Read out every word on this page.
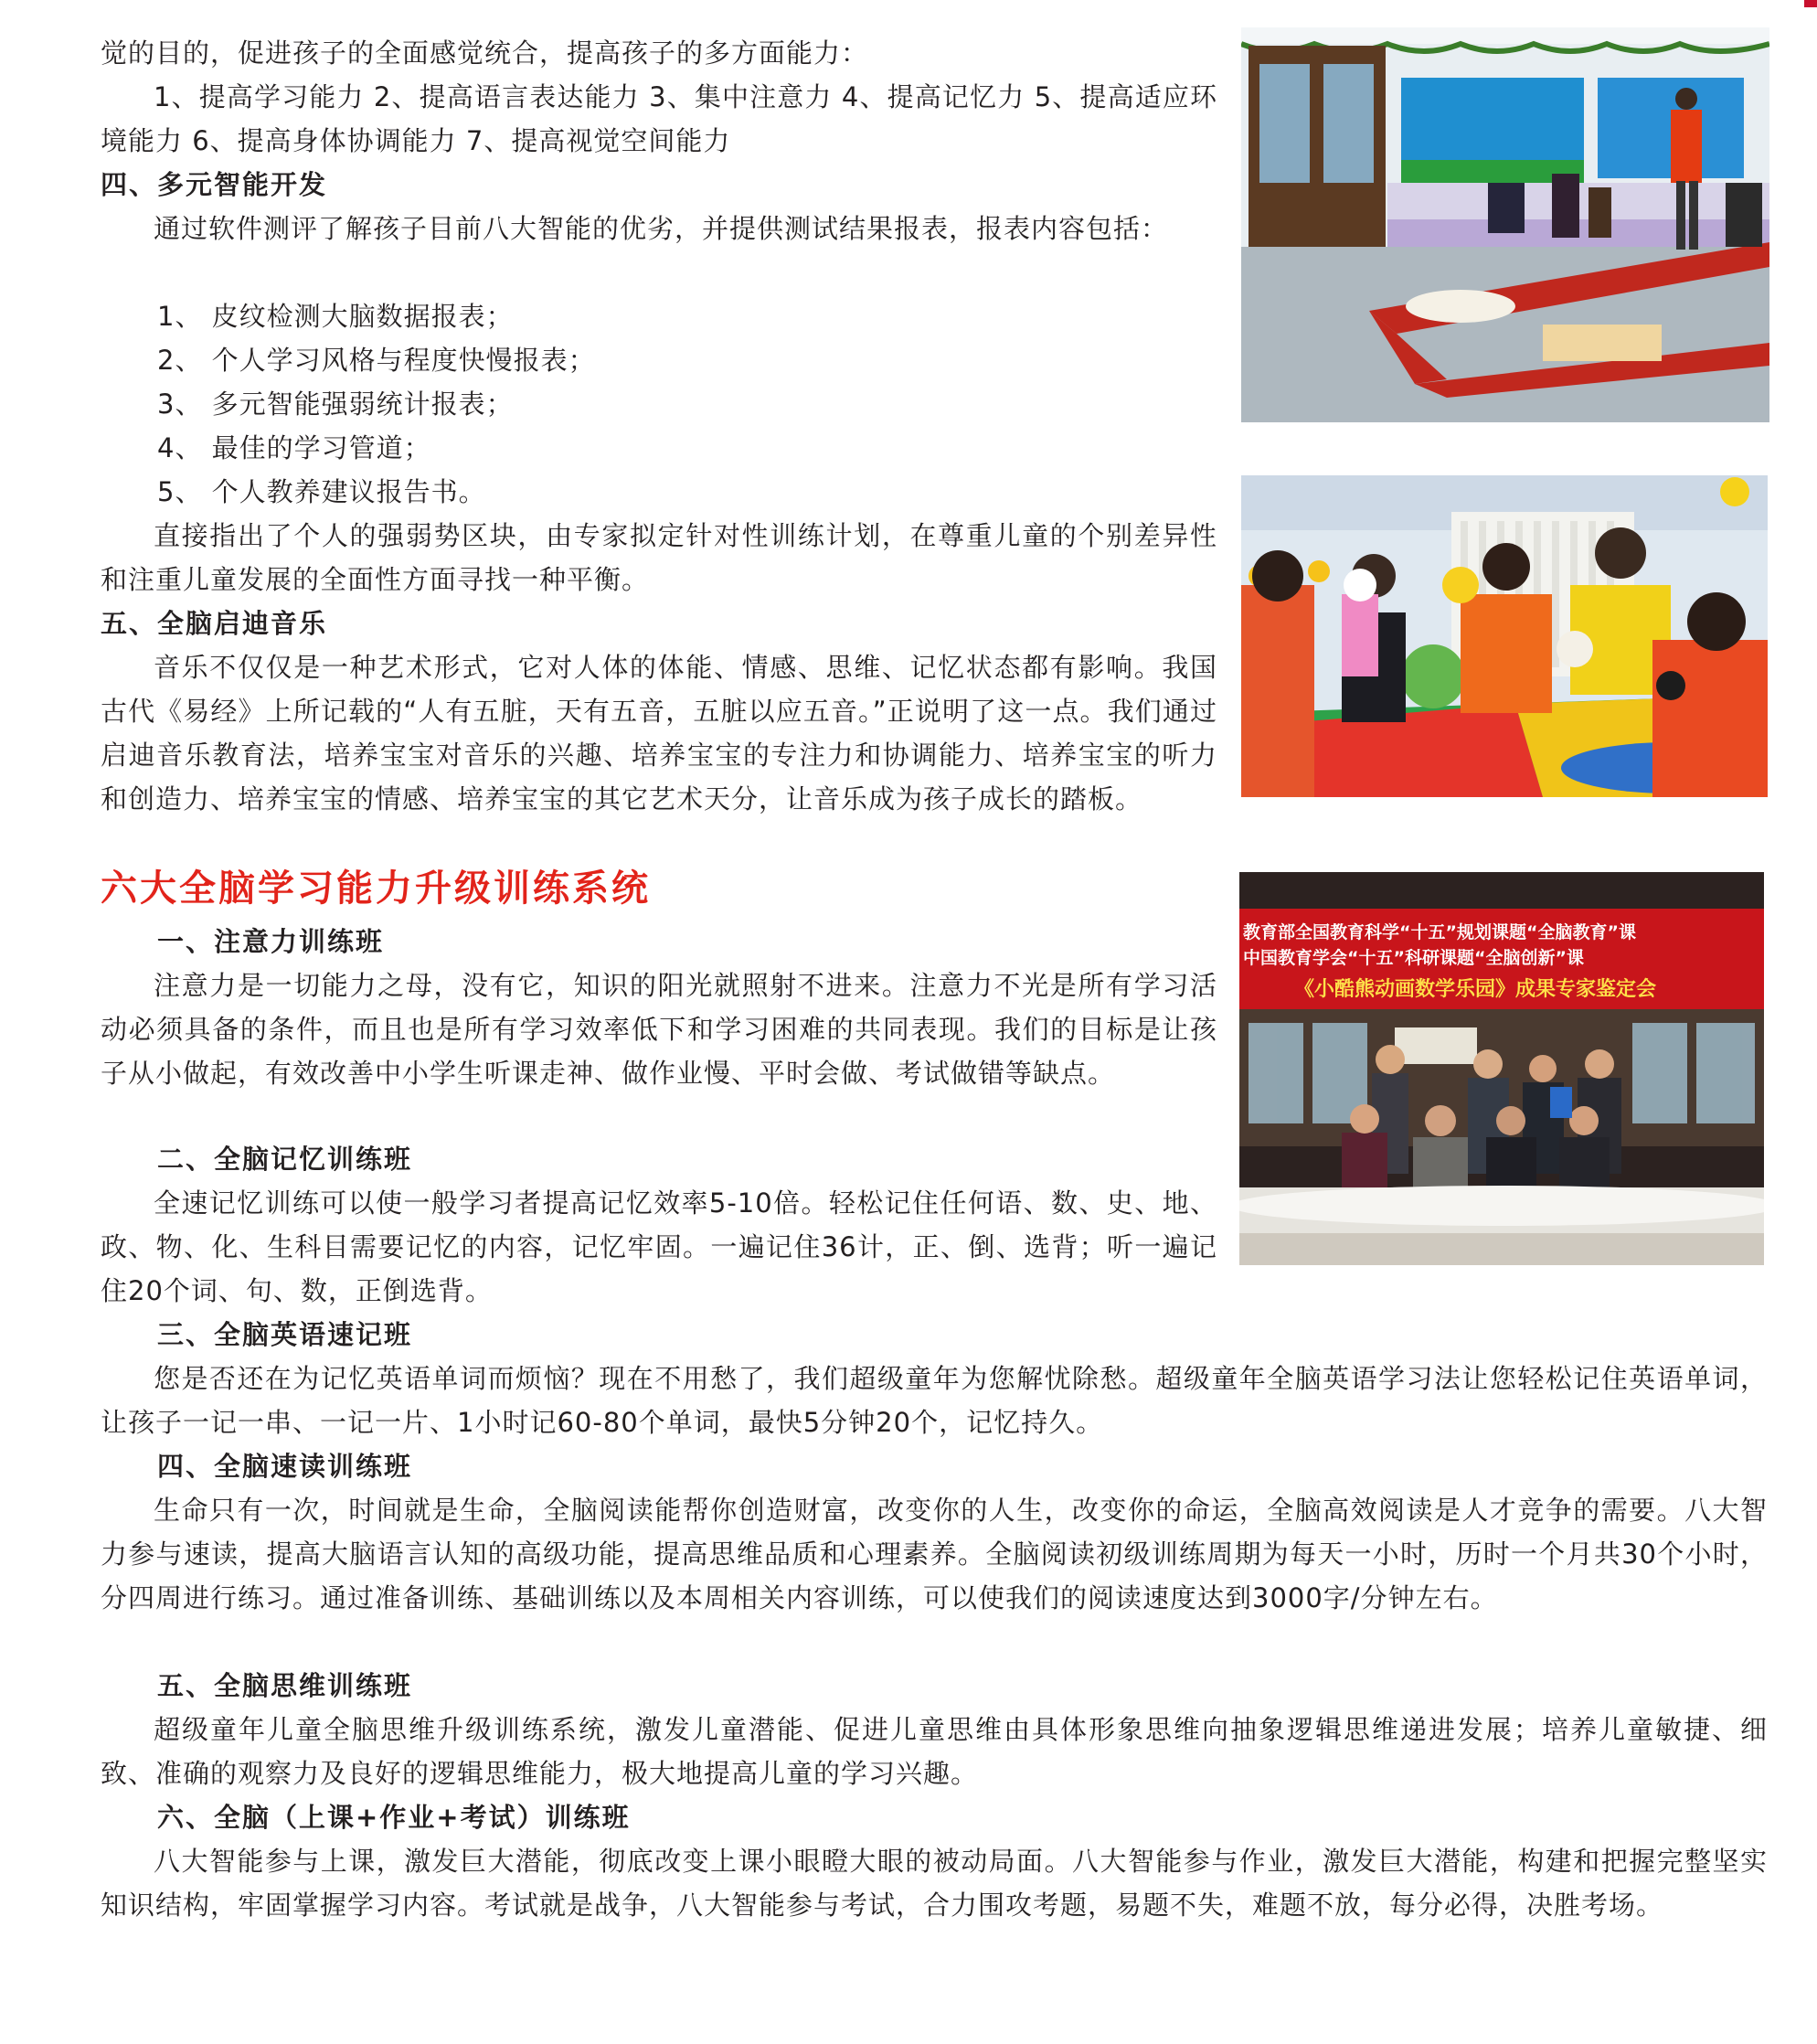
觉的目的，促进孩子的全面感觉统合，提高孩子的多方面能力：

1、提高学习能力 2、提高语言表达能力 3、集中注意力 4、提高记忆力 5、提高适应环境能力 6、提高身体协调能力 7、提高视觉空间能力

四、多元智能开发

通过软件测评了解孩子目前八大智能的优劣，并提供测试结果报表，报表内容包括：

1、 皮纹检测大脑数据报表；

2、 个人学习风格与程度快慢报表；

3、 多元智能强弱统计报表；

4、 最佳的学习管道；

5、 个人教养建议报告书。

直接指出了个人的强弱势区块，由专家拟定针对性训练计划，在尊重儿童的个别差异性和注重儿童发展的全面性方面寻找一种平衡。

五、全脑启迪音乐

音乐不仅仅是一种艺术形式，它对人体的体能、情感、思维、记忆状态都有影响。我国古代《易经》上所记载的“人有五脏，天有五音，五脏以应五音。”正说明了这一点。我们通过启迪音乐教育法，培养宝宝对音乐的兴趣、培养宝宝的专注力和协调能力、培养宝宝的听力和创造力、培养宝宝的情感、培养宝宝的其它艺术天分，让音乐成为孩子成长的踏板。

六大全脑学习能力升级训练系统
一、注意力训练班

注意力是一切能力之母，没有它，知识的阳光就照射不进来。注意力不光是所有学习活动必须具备的条件，而且也是所有学习效率低下和学习困难的共同表现。我们的目标是让孩子从小做起，有效改善中小学生听课走神、做作业慢、平时会做、考试做错等缺点。

二、全脑记忆训练班

全速记忆训练可以使一般学习者提高记忆效率5-10倍。轻松记住任何语、数、史、地、政、物、化、生科目需要记忆的内容，记忆牢固。一遍记住36计，正、倒、选背；听一遍记住20个词、句、数，正倒选背。

三、全脑英语速记班

您是否还在为记忆英语单词而烦恼？现在不用愁了，我们超级童年为您解忧除愁。超级童年全脑英语学习法让您轻松记住英语单词，让孩子一记一串、一记一片、1小时记60-80个单词，最快5分钟20个，记忆持久。

四、全脑速读训练班

生命只有一次，时间就是生命，全脑阅读能帮你创造财富，改变你的人生，改变你的命运，全脑高效阅读是人才竞争的需要。八大智力参与速读，提高大脑语言认知的高级功能，提高思维品质和心理素养。全脑阅读初级训练周期为每天一小时，历时一个月共30个小时，分四周进行练习。通过准备训练、基础训练以及本周相关内容训练，可以使我们的阅读速度达到3000字/分钟左右。

五、全脑思维训练班

超级童年儿童全脑思维升级训练系统，激发儿童潜能、促进儿童思维由具体形象思维向抽象逻辑思维递进发展；培养儿童敏捷、细致、准确的观察力及良好的逻辑思维能力，极大地提高儿童的学习兴趣。

六、全脑（上课+作业+考试）训练班

八大智能参与上课，激发巨大潜能，彻底改变上课小眼瞪大眼的被动局面。八大智能参与作业，激发巨大潜能，构建和把握完整坚实知识结构，牢固掌握学习内容。考试就是战争，八大智能参与考试，合力围攻考题，易题不失，难题不放，每分必得，决胜考场。

教育部全国教育科学“十五”规划课题“全脑教育”课
中国教育学会“十五”科研课题“全脑创新”课
《小酷熊动画数学乐园》成果专家鉴定会
